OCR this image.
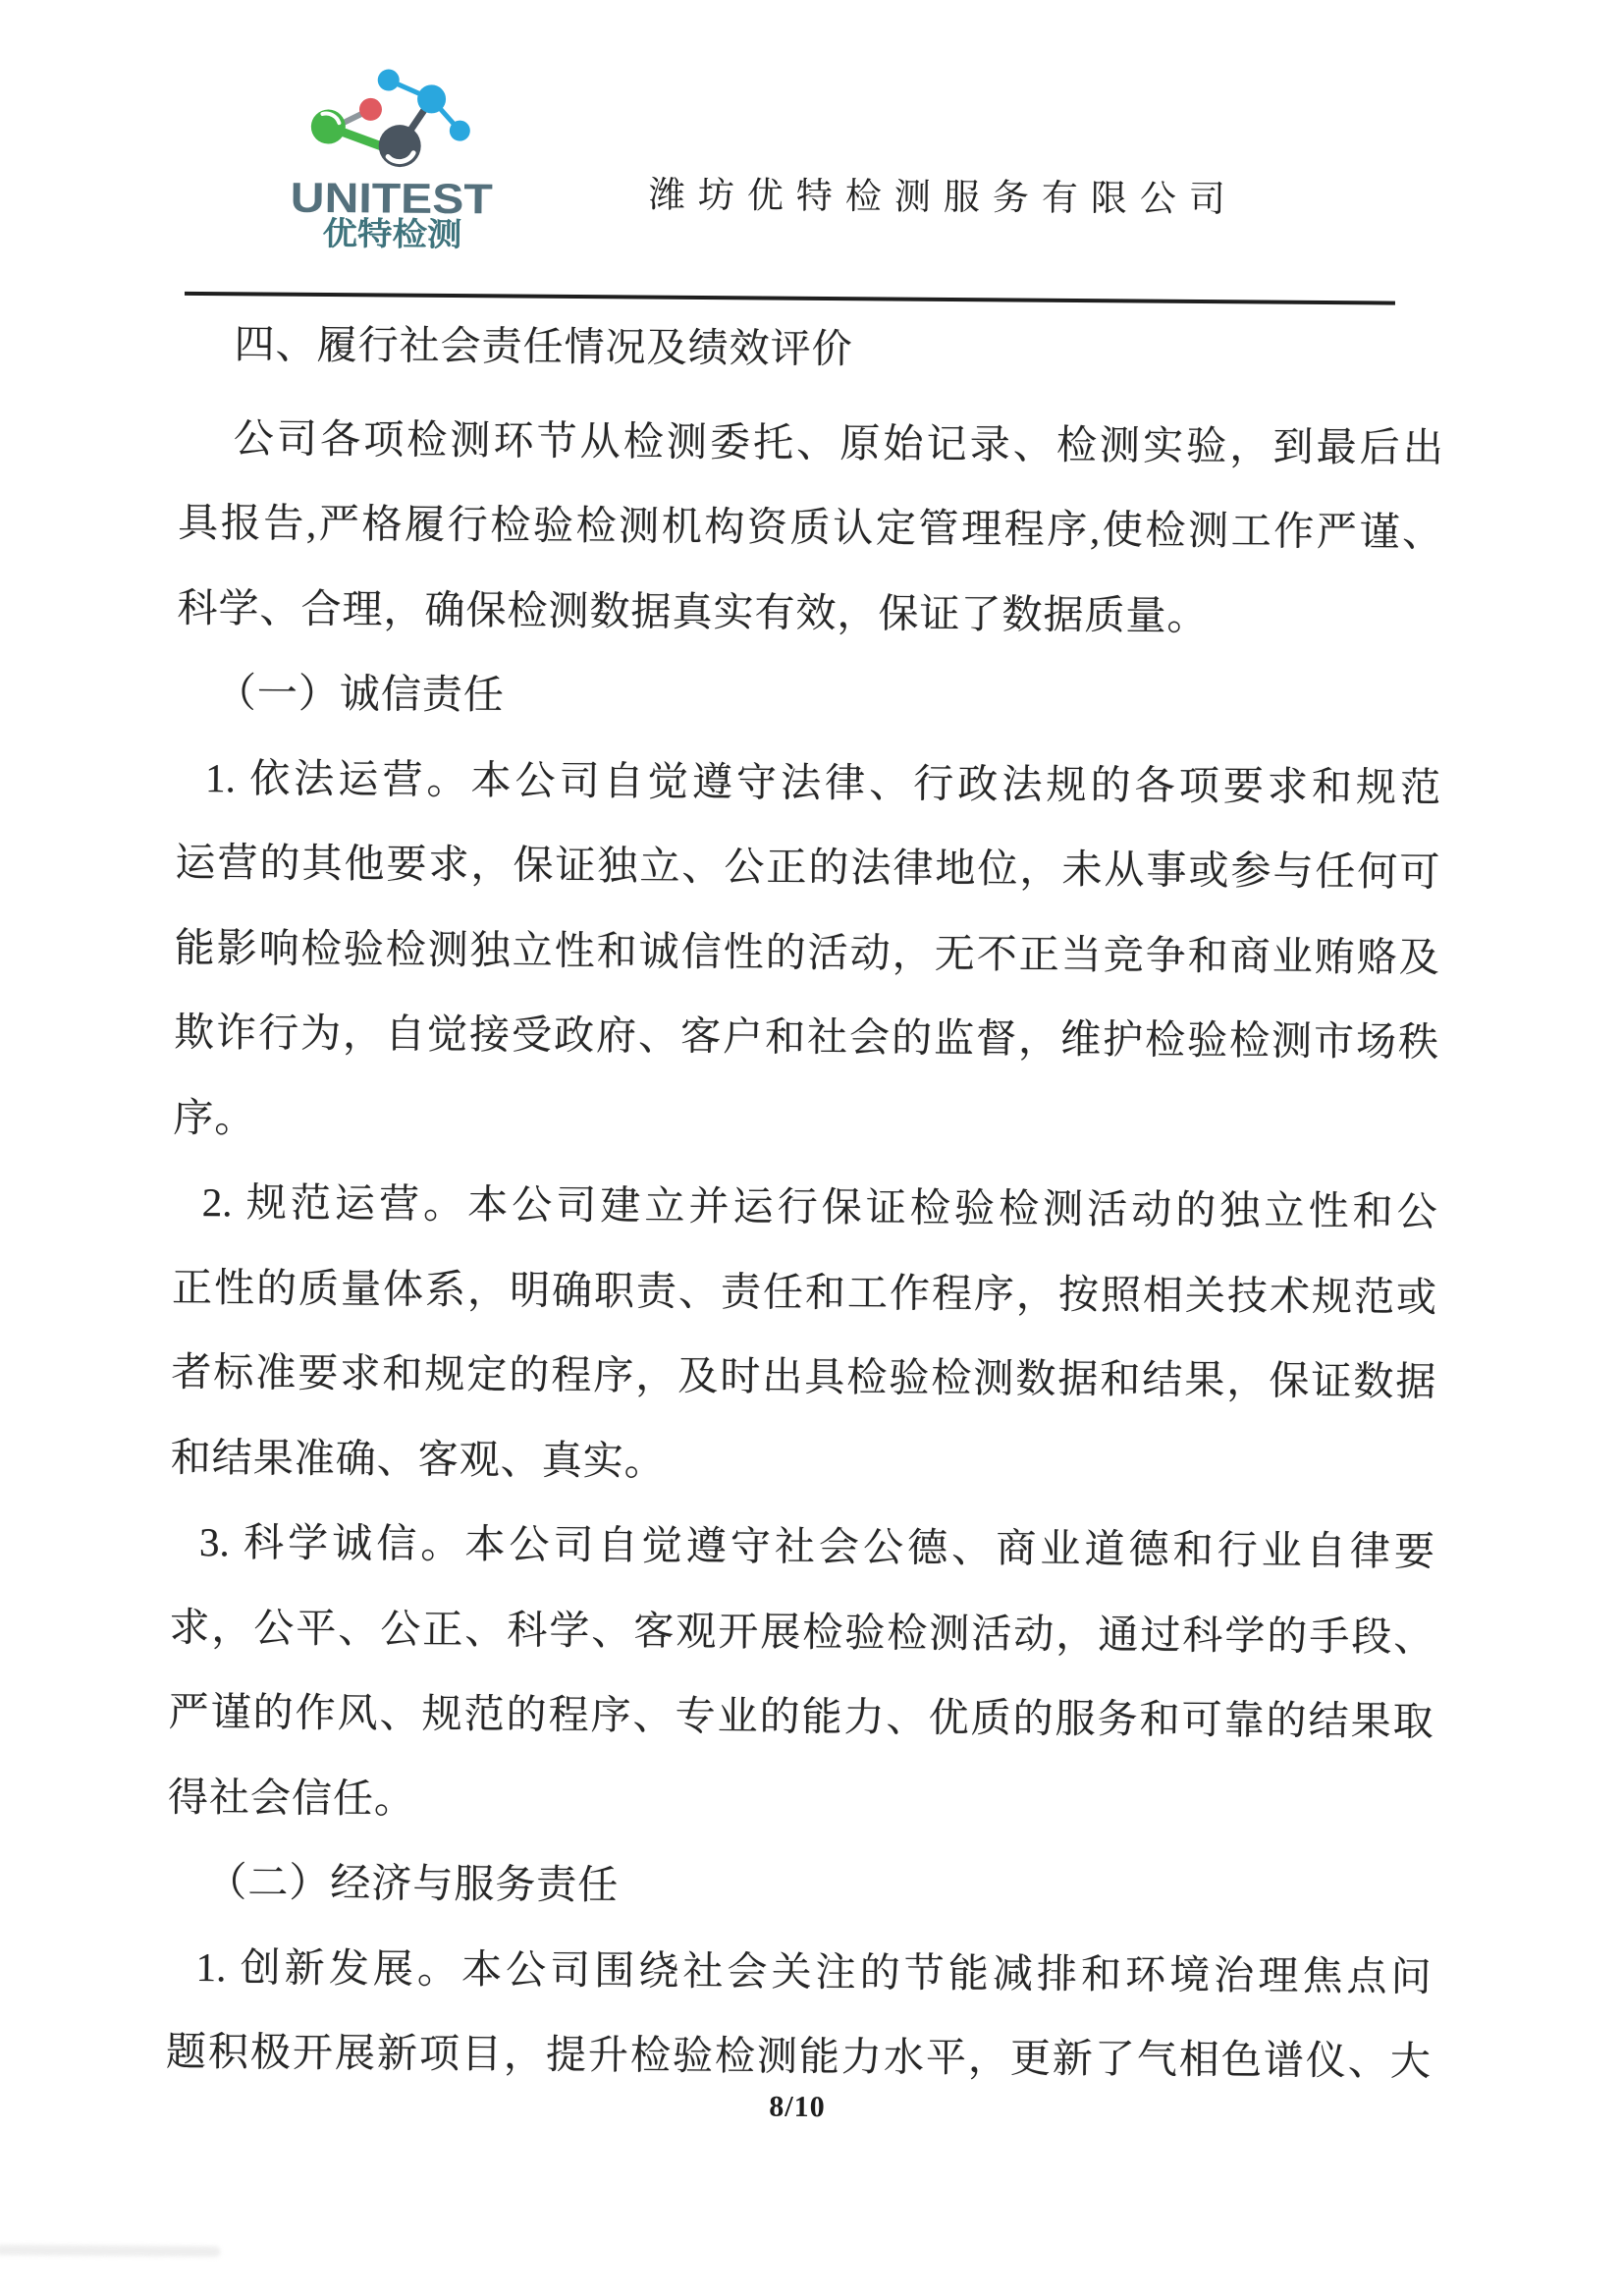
UNITEST
优特检测
潍坊优特检测服务有限公司
四、履行社会责任情况及绩效评价
公司各项检测环节从检测委托、原始记录、检测实验，到最后出
具报告,严格履行检验检测机构资质认定管理程序,使检测工作严谨、
科学、合理，确保检测数据真实有效，保证了数据质量。
（一）诚信责任
1. 依法运营。本公司自觉遵守法律、行政法规的各项要求和规范
运营的其他要求，保证独立、公正的法律地位，未从事或参与任何可
能影响检验检测独立性和诚信性的活动，无不正当竞争和商业贿赂及
欺诈行为，自觉接受政府、客户和社会的监督，维护检验检测市场秩
序。
2. 规范运营。本公司建立并运行保证检验检测活动的独立性和公
正性的质量体系，明确职责、责任和工作程序，按照相关技术规范或
者标准要求和规定的程序，及时出具检验检测数据和结果，保证数据
和结果准确、客观、真实。
3. 科学诚信。本公司自觉遵守社会公德、商业道德和行业自律要
求，公平、公正、科学、客观开展检验检测活动，通过科学的手段、
严谨的作风、规范的程序、专业的能力、优质的服务和可靠的结果取
得社会信任。
（二）经济与服务责任
1. 创新发展。本公司围绕社会关注的节能减排和环境治理焦点问
题积极开展新项目，提升检验检测能力水平，更新了气相色谱仪、大
8/10
